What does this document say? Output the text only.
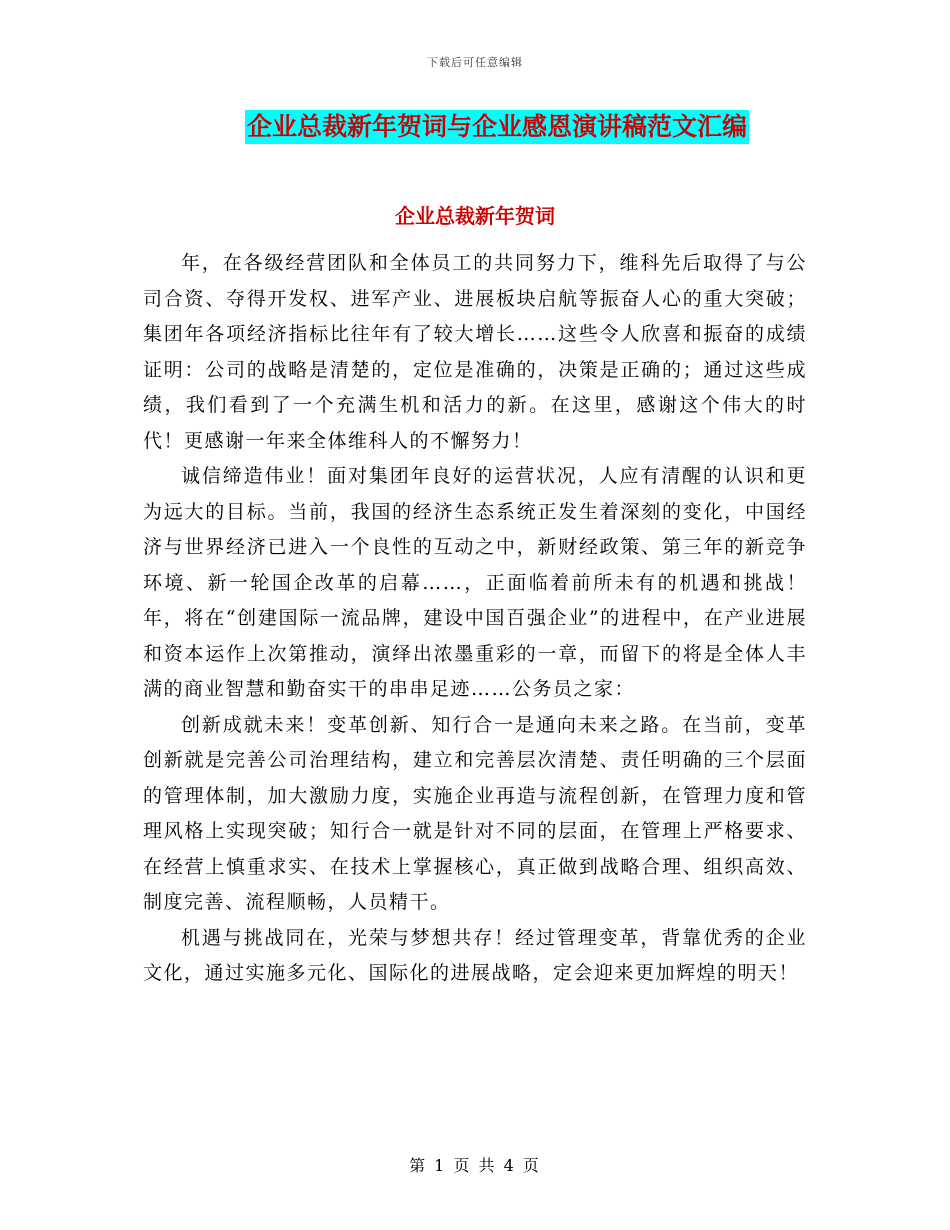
下载后可任意编辑
企业总裁新年贺词与企业感恩演讲稿范文汇编
企业总裁新年贺词

年，在各级经营团队和全体员工的共同努力下，维科先后取得了与公司合资、夺得开发权、进军产业、进展板块启航等振奋人心的重大突破；集团年各项经济指标比往年有了较大增长……这些令人欣喜和振奋的成绩证明：公司的战略是清楚的，定位是准确的，决策是正确的；通过这些成绩，我们看到了一个充满生机和活力的新。在这里，感谢这个伟大的时代！更感谢一年来全体维科人的不懈努力！

诚信缔造伟业！面对集团年良好的运营状况，人应有清醒的认识和更为远大的目标。当前，我国的经济生态系统正发生着深刻的变化，中国经济与世界经济已进入一个良性的互动之中，新财经政策、第三年的新竞争环境、新一轮国企改革的启幕……，正面临着前所未有的机遇和挑战！年，将在“创建国际一流品牌，建设中国百强企业”的进程中，在产业进展和资本运作上次第推动，演绎出浓墨重彩的一章，而留下的将是全体人丰满的商业智慧和勤奋实干的串串足迹……公务员之家：

创新成就未来！变革创新、知行合一是通向未来之路。在当前，变革创新就是完善公司治理结构，建立和完善层次清楚、责任明确的三个层面的管理体制，加大激励力度，实施企业再造与流程创新，在管理力度和管理风格上实现突破；知行合一就是针对不同的层面，在管理上严格要求、在经营上慎重求实、在技术上掌握核心，真正做到战略合理、组织高效、制度完善、流程顺畅，人员精干。

机遇与挑战同在，光荣与梦想共存！经过管理变革，背靠优秀的企业文化，通过实施多元化、国际化的进展战略，定会迎来更加辉煌的明天！

第 1 页 共 4 页
